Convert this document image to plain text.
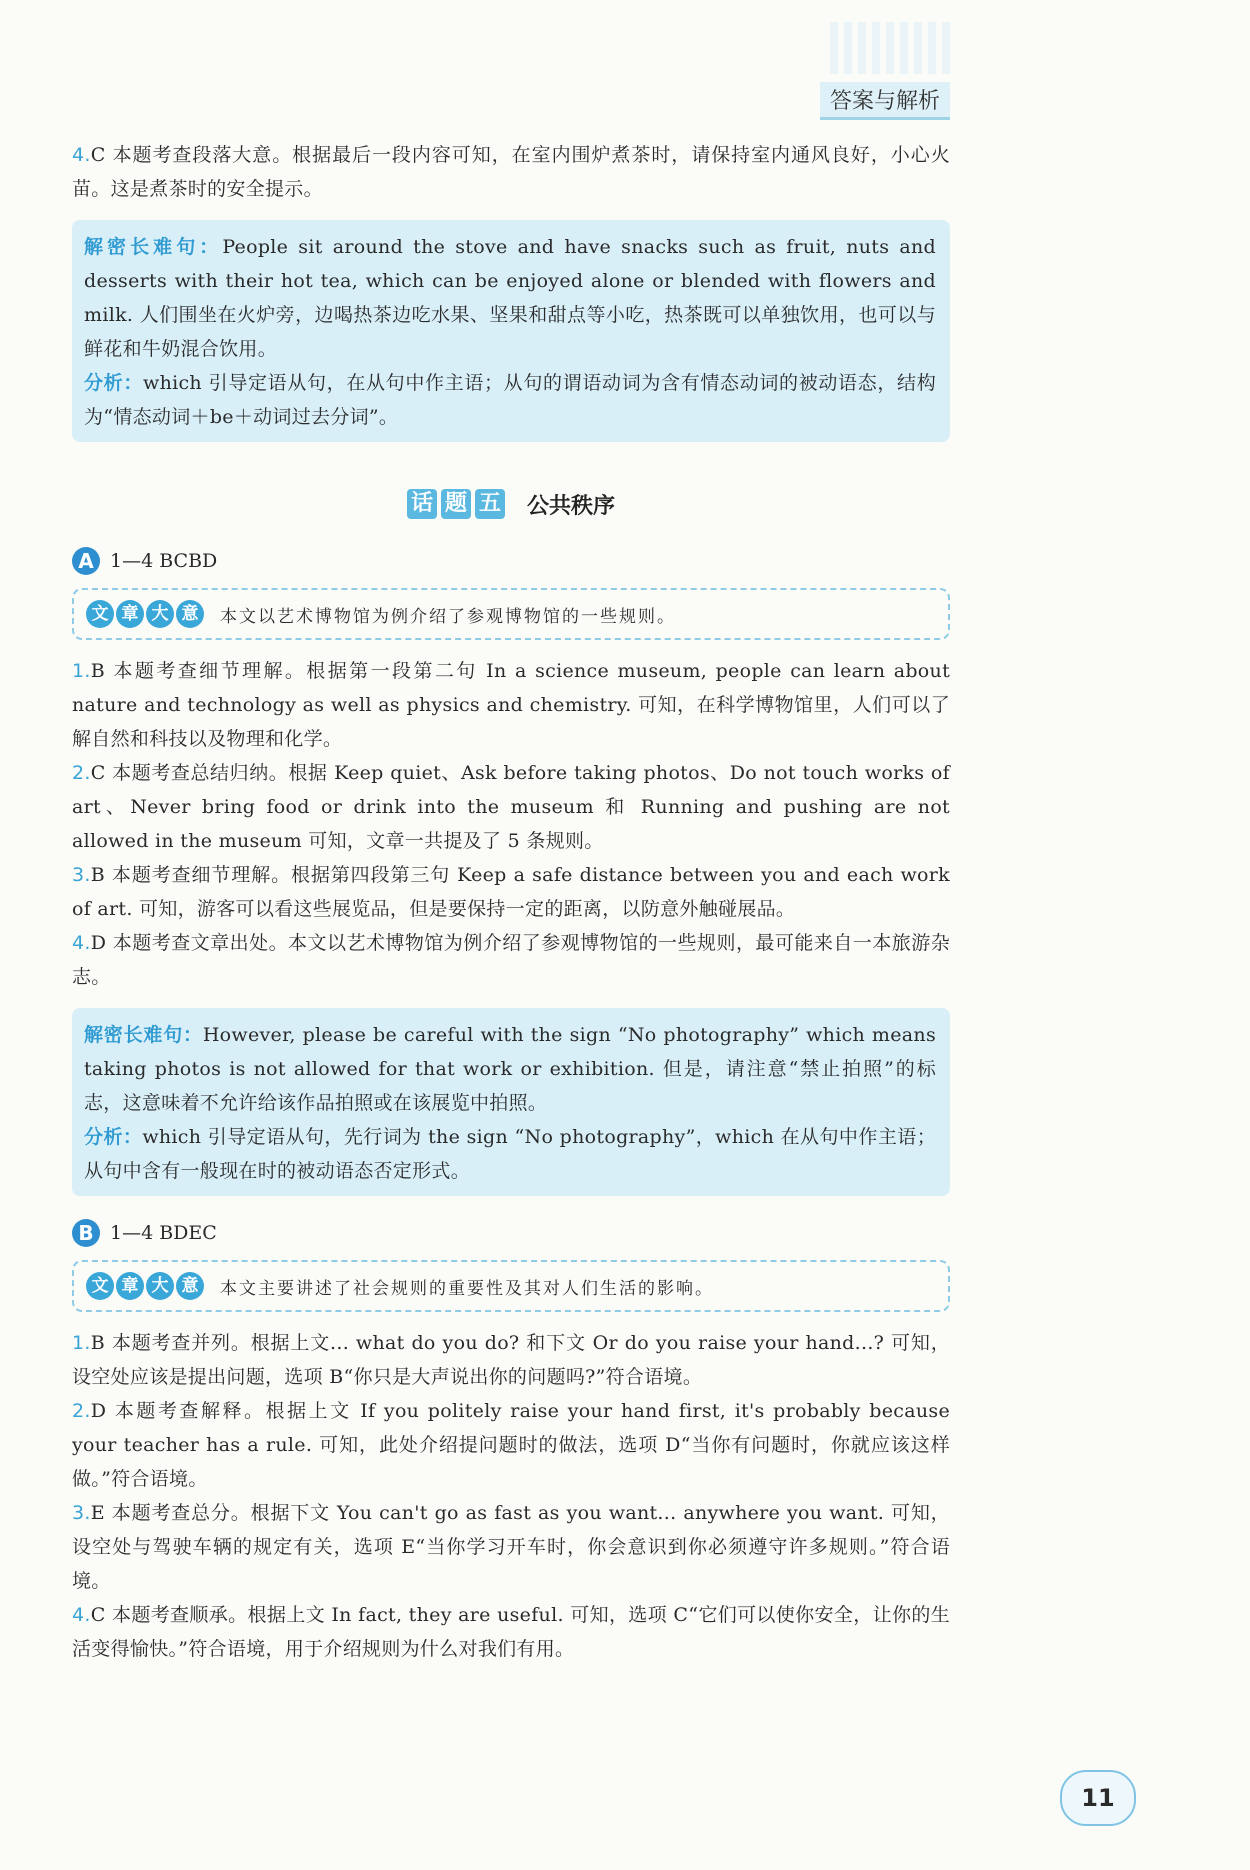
答案与解析

4.C 本题考查段落大意。根据最后一段内容可知，在室内围炉煮茶时，请保持室内通风良好，小心火苗。这是煮茶时的安全提示。

解密长难句：People sit around the stove and have snacks such as fruit, nuts and desserts with their hot tea, which can be enjoyed alone or blended with flowers and milk. 人们围坐在火炉旁，边喝热茶边吃水果、坚果和甜点等小吃，热茶既可以单独饮用，也可以与鲜花和牛奶混合饮用。

分析：which 引导定语从句，在从句中作主语；从句的谓语动词为含有情态动词的被动语态，结构为“情态动词＋be＋动词过去分词”。

话 题 五 公共秩序
A 1—4 BCBD
文 章 大 意	本文以艺术博物馆为例介绍了参观博物馆的一些规则。

1.B 本题考查细节理解。根据第一段第二句 In a science museum, people can learn about nature and technology as well as physics and chemistry. 可知，在科学博物馆里，人们可以了解自然和科技以及物理和化学。

2.C 本题考查总结归纳。根据 Keep quiet、Ask before taking photos、Do not touch works of art、Never bring food or drink into the museum 和 Running and pushing are not allowed in the museum 可知，文章一共提及了 5 条规则。

3.B 本题考查细节理解。根据第四段第三句 Keep a safe distance between you and each work of art. 可知，游客可以看这些展览品，但是要保持一定的距离，以防意外触碰展品。

4.D 本题考查文章出处。本文以艺术博物馆为例介绍了参观博物馆的一些规则，最可能来自一本旅游杂志。

解密长难句：However, please be careful with the sign “No photography” which means taking photos is not allowed for that work or exhibition. 但是，请注意“禁止拍照”的标志，这意味着不允许给该作品拍照或在该展览中拍照。

分析：which 引导定语从句，先行词为 the sign “No photography”，which 在从句中作主语；从句中含有一般现在时的被动语态否定形式。

B 1—4 BDEC
文 章 大 意	本文主要讲述了社会规则的重要性及其对人们生活的影响。

1.B 本题考查并列。根据上文... what do you do? 和下文 Or do you raise your hand...? 可知，设空处应该是提出问题，选项 B“你只是大声说出你的问题吗?”符合语境。

2.D 本题考查解释。根据上文 If you politely raise your hand first, it's probably because your teacher has a rule. 可知，此处介绍提问题时的做法，选项 D“当你有问题时，你就应该这样做。”符合语境。

3.E 本题考查总分。根据下文 You can't go as fast as you want... anywhere you want. 可知，设空处与驾驶车辆的规定有关，选项 E“当你学习开车时，你会意识到你必须遵守许多规则。”符合语境。

4.C 本题考查顺承。根据上文 In fact, they are useful. 可知，选项 C“它们可以使你安全，让你的生活变得愉快。”符合语境，用于介绍规则为什么对我们有用。

11
